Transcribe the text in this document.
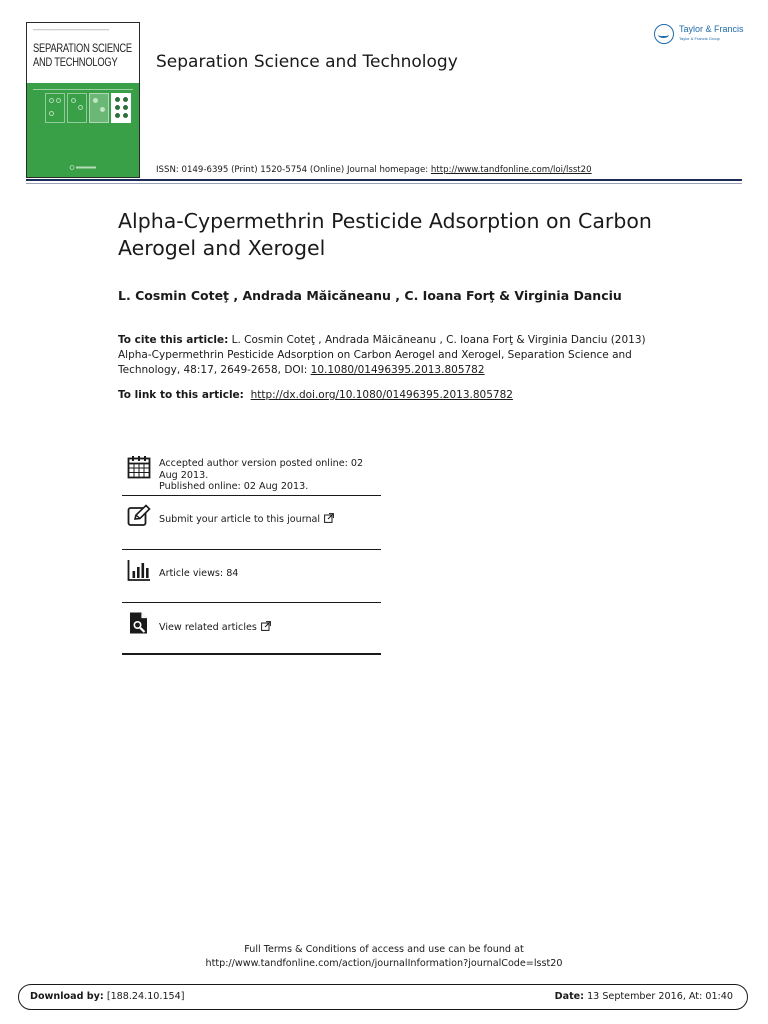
━━━━━━━━━━━━━━━━━━━━━━━━━━━━━━━━━━━━━━
SEPARATION SCIENCE
AND TECHNOLOGY Separation Science and Technology
Taylor & Francis
Taylor & Francis Group
ISSN: 0149-6395 (Print) 1520-5754 (Online) Journal homepage: http://www.tandfonline.com/loi/lsst20
Alpha-Cypermethrin Pesticide Adsorption on Carbon Aerogel and Xerogel
L. Cosmin Coteţ , Andrada Măicăneanu , C. Ioana Forţ & Virginia Danciu
To cite this article: L. Cosmin Coteţ , Andrada Măicăneanu , C. Ioana Forţ & Virginia Danciu (2013) Alpha-Cypermethrin Pesticide Adsorption on Carbon Aerogel and Xerogel, Separation Science and Technology, 48:17, 2649-2658, DOI: 10.1080/01496395.2013.805782
To link to this article: http://dx.doi.org/10.1080/01496395.2013.805782
Accepted author version posted online: 02
Aug 2013.
Published online: 02 Aug 2013.
Submit your article to this journal
Article views: 84
View related articles
Full Terms & Conditions of access and use can be found at
http://www.tandfonline.com/action/journalInformation?journalCode=lsst20
Download by: [188.24.10.154]	Date: 13 September 2016, At: 01:40
